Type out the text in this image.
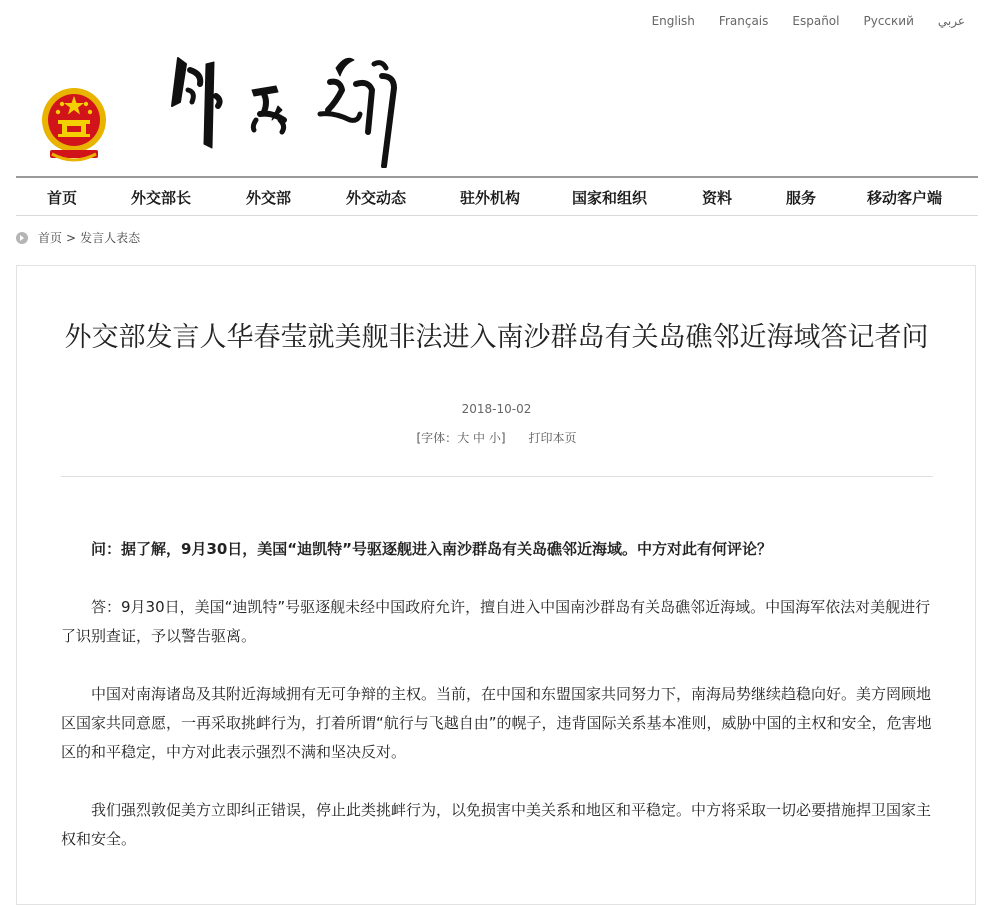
English Français Español Русский عربي
首页	外交部长	外交部	外交动态	驻外机构	国家和组织	资料	服务	移动客户端
首页 > 发言人表态
外交部发言人华春莹就美舰非法进入南沙群岛有关岛礁邻近海域答记者问
2018-10-02
[字体：大 中 小] 打印本页

问：据了解，9月30日，美国“迪凯特”号驱逐舰进入南沙群岛有关岛礁邻近海域。中方对此有何评论？

答：9月30日，美国“迪凯特”号驱逐舰未经中国政府允许，擅自进入中国南沙群岛有关岛礁邻近海域。中国海军依法对美舰进行了识别查证，予以警告驱离。

中国对南海诸岛及其附近海域拥有无可争辩的主权。当前，在中国和东盟国家共同努力下，南海局势继续趋稳向好。美方罔顾地区国家共同意愿，一再采取挑衅行为，打着所谓“航行与飞越自由”的幌子，违背国际关系基本准则，威胁中国的主权和安全，危害地区的和平稳定，中方对此表示强烈不满和坚决反对。

我们强烈敦促美方立即纠正错误，停止此类挑衅行为，以免损害中美关系和地区和平稳定。中方将采取一切必要措施捍卫国家主权和安全。
